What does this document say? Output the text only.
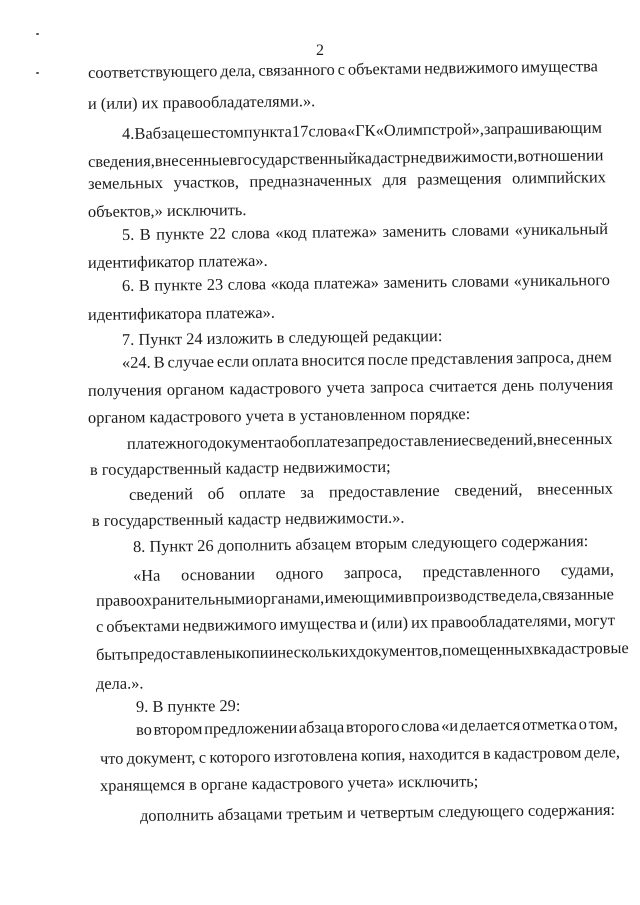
2
соответствующего дела, связанного с объектами недвижимого имущества
и (или) их правообладателями.».
4. В абзаце шестом пункта 17 слова «ГК «Олимпстрой», запрашивающим
сведения, внесенные в государственный кадастр недвижимости, в отношении
земельных участков, предназначенных для размещения олимпийских
объектов,» исключить.
5. В пункте 22 слова «код платежа» заменить словами «уникальный
идентификатор платежа».
6. В пункте 23 слова «кода платежа» заменить словами «уникального
идентификатора платежа».
7. Пункт 24 изложить в следующей редакции:
«24. В случае если оплата вносится после представления запроса, днем
получения органом кадастрового учета запроса считается день получения
органом кадастрового учета в установленном порядке:
платежного документа об оплате за предоставление сведений, внесенных
в государственный кадастр недвижимости;
сведений об оплате за предоставление сведений, внесенных
в государственный кадастр недвижимости.».
8. Пункт 26 дополнить абзацем вторым следующего содержания:
«На основании одного запроса, представленного судами,
правоохранительными органами, имеющими в производстве дела, связанные
с объектами недвижимого имущества и (или) их правообладателями, могут
быть предоставлены копии нескольких документов, помещенных в кадастровые
дела.».
9. В пункте 29:
во втором предложении абзаца второго слова «и делается отметка о том,
что документ, с которого изготовлена копия, находится в кадастровом деле,
хранящемся в органе кадастрового учета» исключить;
дополнить абзацами третьим и четвертым следующего содержания:
